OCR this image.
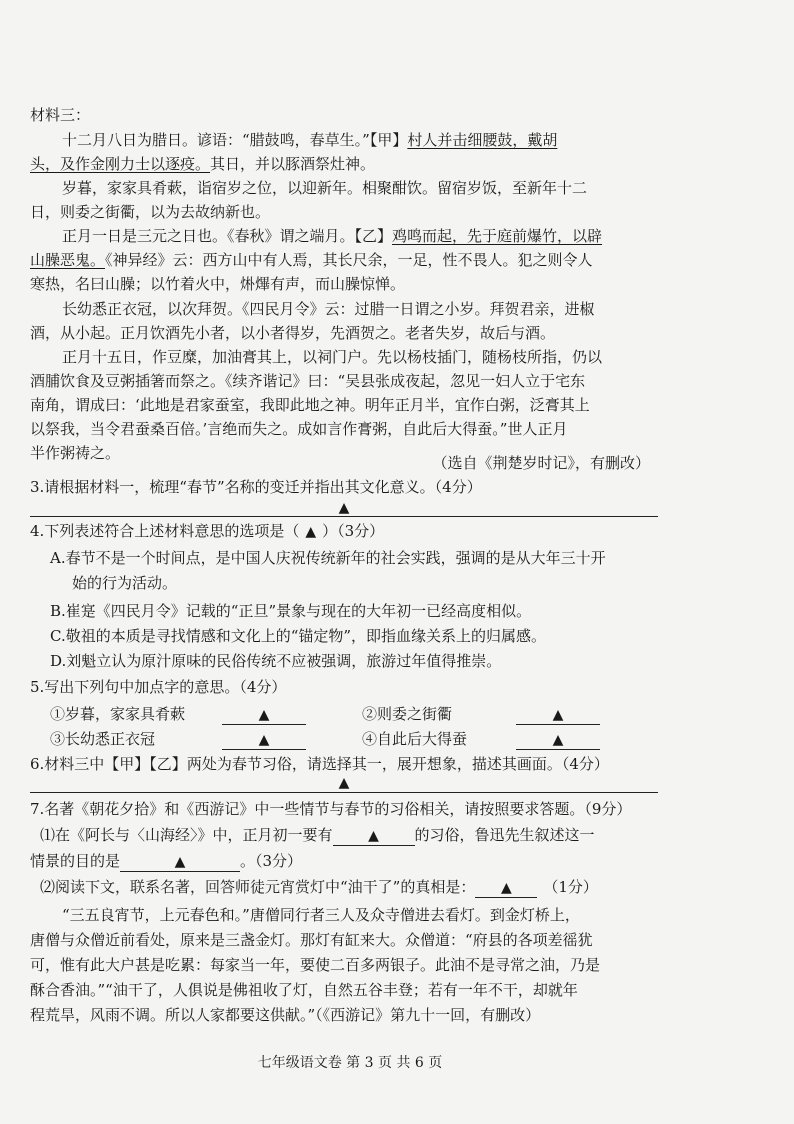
材料三：
十二月八日为腊日。谚语：“腊鼓鸣，春草生。”【甲】村人并击细腰鼓，戴胡
头，及作金刚力士以逐疫。其日，并以豚酒祭灶神。
岁暮，家家具肴蔌，诣宿岁之位，以迎新年。相聚酣饮。留宿岁饭，至新年十二
日，则委之街衢，以为去故纳新也。
正月一日是三元之日也。《春秋》谓之端月。【乙】鸡鸣而起，先于庭前爆竹，以辟
山臊恶鬼。《神异经》云：西方山中有人焉，其长尺余，一足，性不畏人。犯之则令人
寒热，名曰山臊；以竹着火中，烞熚有声，而山臊惊惮。
长幼悉正衣冠，以次拜贺。《四民月令》云：过腊一日谓之小岁。拜贺君亲，进椒
酒，从小起。正月饮酒先小者，以小者得岁，先酒贺之。老者失岁，故后与酒。
正月十五日，作豆糜，加油膏其上，以祠门户。先以杨枝插门，随杨枝所指，仍以
酒脯饮食及豆粥插箸而祭之。《续齐谐记》曰：“吴县张成夜起，忽见一妇人立于宅东
南角，谓成曰：‘此地是君家蚕室，我即此地之神。明年正月半，宜作白粥，泛膏其上
以祭我，当令君蚕桑百倍。’言绝而失之。成如言作膏粥，自此后大得蚕。”世人正月
半作粥祷之。
（选自《荆楚岁时记》，有删改）
3.请根据材料一，梳理“春节”名称的变迁并指出其文化意义。（4分）
▲
4.下列表述符合上述材料意思的选项是（ ▲ ）（3分）
A.春节不是一个时间点，是中国人庆祝传统新年的社会实践，强调的是从大年三十开
始的行为活动。
B.崔寔《四民月令》记载的“正旦”景象与现在的大年初一已经高度相似。
C.敬祖的本质是寻找情感和文化上的“锚定物”，即指血缘关系上的归属感。
D.刘魁立认为原汁原味的民俗传统不应被强调，旅游过年值得推崇。
5.写出下列句中加点字的意思。（4分）
①岁暮，家家具肴蔌	▲	②则委之街衢	▲
③长幼悉正衣冠	▲	④自此后大得蚕	▲
6.材料三中【甲】【乙】两处为春节习俗，请选择其一，展开想象，描述其画面。（4分）
▲
7.名著《朝花夕拾》和《西游记》中一些情节与春节的习俗相关，请按照要求答题。（9分）
⑴在《阿长与〈山海经〉》中，正月初一要有	▲ 的习俗，鲁迅先生叙述这一
情景的目的是	▲	。（3分）
⑵阅读下文，联系名著，回答师徒元宵赏灯中“油干了”的真相是： ▲ （1分）
“三五良宵节，上元春色和。”唐僧同行者三人及众寺僧进去看灯。到金灯桥上，
唐僧与众僧近前看处，原来是三盏金灯。那灯有缸来大。众僧道：“府县的各项差徭犹
可，惟有此大户甚是吃累：每家当一年，要使二百多两银子。此油不是寻常之油，乃是
酥合香油。”“油干了，人俱说是佛祖收了灯，自然五谷丰登；若有一年不干，却就年
程荒旱，风雨不调。所以人家都要这供献。”（《西游记》第九十一回，有删改）
七年级语文卷 第 3 页 共 6 页
